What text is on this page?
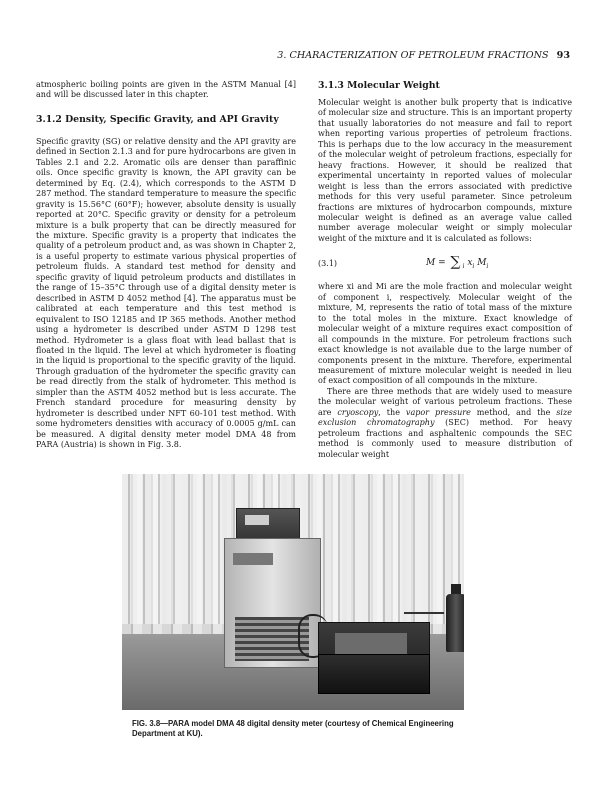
3. CHARACTERIZATION OF PETROLEUM FRACTIONS 93

atmospheric boiling points are given in the ASTM Manual [4] and will be discussed later in this chapter.

3.1.2 Density, Specific Gravity, and API Gravity

Specific gravity (SG) or relative density and the API gravity are defined in Section 2.1.3 and for pure hydrocarbons are given in Tables 2.1 and 2.2. Aromatic oils are denser than paraffinic oils. Once specific gravity is known, the API gravity can be determined by Eq. (2.4), which corresponds to the ASTM D 287 method. The standard temperature to measure the specific gravity is 15.56°C (60°F); however, absolute density is usually reported at 20°C. Specific gravity or density for a petroleum mixture is a bulk property that can be directly measured for the mixture. Specific gravity is a property that indicates the quality of a petroleum product and, as was shown in Chapter 2, is a useful property to estimate various physical properties of petroleum fluids. A standard test method for density and specific gravity of liquid petroleum products and distillates in the range of 15–35°C through use of a digital density meter is described in ASTM D 4052 method [4]. The apparatus must be calibrated at each temperature and this test method is equivalent to ISO 12185 and IP 365 methods. Another method using a hydrometer is described under ASTM D 1298 test method. Hydrometer is a glass float with lead ballast that is floated in the liquid. The level at which hydrometer is floating in the liquid is proportional to the specific gravity of the liquid. Through graduation of the hydrometer the specific gravity can be read directly from the stalk of hydrometer. This method is simpler than the ASTM 4052 method but is less accurate. The French standard procedure for measuring density by hydrometer is described under NFT 60-101 test method. With some hydrometers densities with accuracy of 0.0005 g/mL can be measured. A digital density meter model DMA 48 from PARA (Austria) is shown in Fig. 3.8.

3.1.3 Molecular Weight

Molecular weight is another bulk property that is indicative of molecular size and structure. This is an important property that usually laboratories do not measure and fail to report when reporting various properties of petroleum fractions. This is perhaps due to the low accuracy in the measurement of the molecular weight of petroleum fractions, especially for heavy fractions. However, it should be realized that experimental uncertainty in reported values of molecular weight is less than the errors associated with predictive methods for this very useful parameter. Since petroleum fractions are mixtures of hydrocarbon compounds, mixture molecular weight is defined as an average value called number average molecular weight or simply molecular weight of the mixture and it is calculated as follows:

(3.1)	M = ∑ $_i$ $x_i$ $M_i$

where xi and Mi are the mole fraction and molecular weight of component i, respectively. Molecular weight of the mixture, M, represents the ratio of total mass of the mixture to the total moles in the mixture. Exact knowledge of molecular weight of a mixture requires exact composition of all compounds in the mixture. For petroleum fractions such exact knowledge is not available due to the large number of components present in the mixture. Therefore, experimental measurement of mixture molecular weight is needed in lieu of exact composition of all compounds in the mixture.

There are three methods that are widely used to measure the molecular weight of various petroleum fractions. These are cryoscopy, the vapor pressure method, and the size exclusion chromatography (SEC) method. For heavy petroleum fractions and asphaltenic compounds the SEC method is commonly used to measure distribution of molecular weight

FIG. 3.8—PARA model DMA 48 digital density meter (courtesy of Chemical Engineering Department at KU).
